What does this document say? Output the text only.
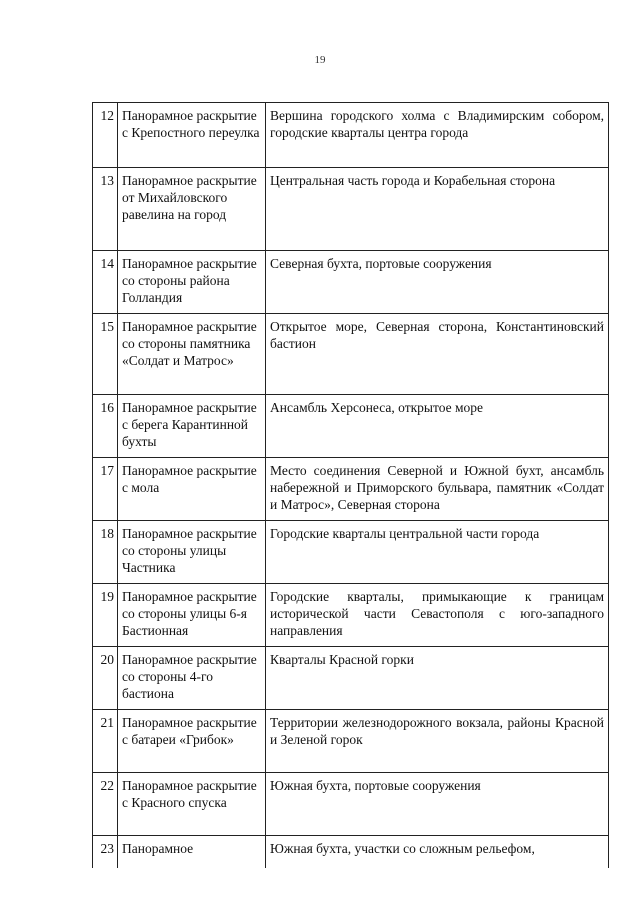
19
12	Панорамное раскрытие с Крепостного переулка	Вершина городского холма с Владимирским собором, городские кварталы центра города
13	Панорамное раскрытие от Михайловского равелина на город	Центральная часть города и Корабельная сторона
14	Панорамное раскрытие со стороны района Голландия	Северная бухта, портовые сооружения
15	Панорамное раскрытие со стороны памятника «Солдат и Матрос»	Открытое море, Северная сторона, Константиновский бастион
16	Панорамное раскрытие с берега Карантинной бухты	Ансамбль Херсонеса, открытое море
17	Панорамное раскрытие с мола	Место соединения Северной и Южной бухт, ансамбль набережной и Приморского бульвара, памятник «Солдат и Матрос», Северная сторона
18	Панорамное раскрытие со стороны улицы Частника	Городские кварталы центральной части города
19	Панорамное раскрытие со стороны улицы 6-я Бастионная	Городские кварталы, примыкающие к границам исторической части Севастополя с юго-западного направления
20	Панорамное раскрытие со стороны 4-го бастиона	Кварталы Красной горки
21	Панорамное раскрытие с батареи «Грибок»	Территории железнодорожного вокзала, районы Красной и Зеленой горок
22	Панорамное раскрытие с Красного спуска	Южная бухта, портовые сооружения
23	Панорамное	Южная бухта, участки со сложным рельефом,
